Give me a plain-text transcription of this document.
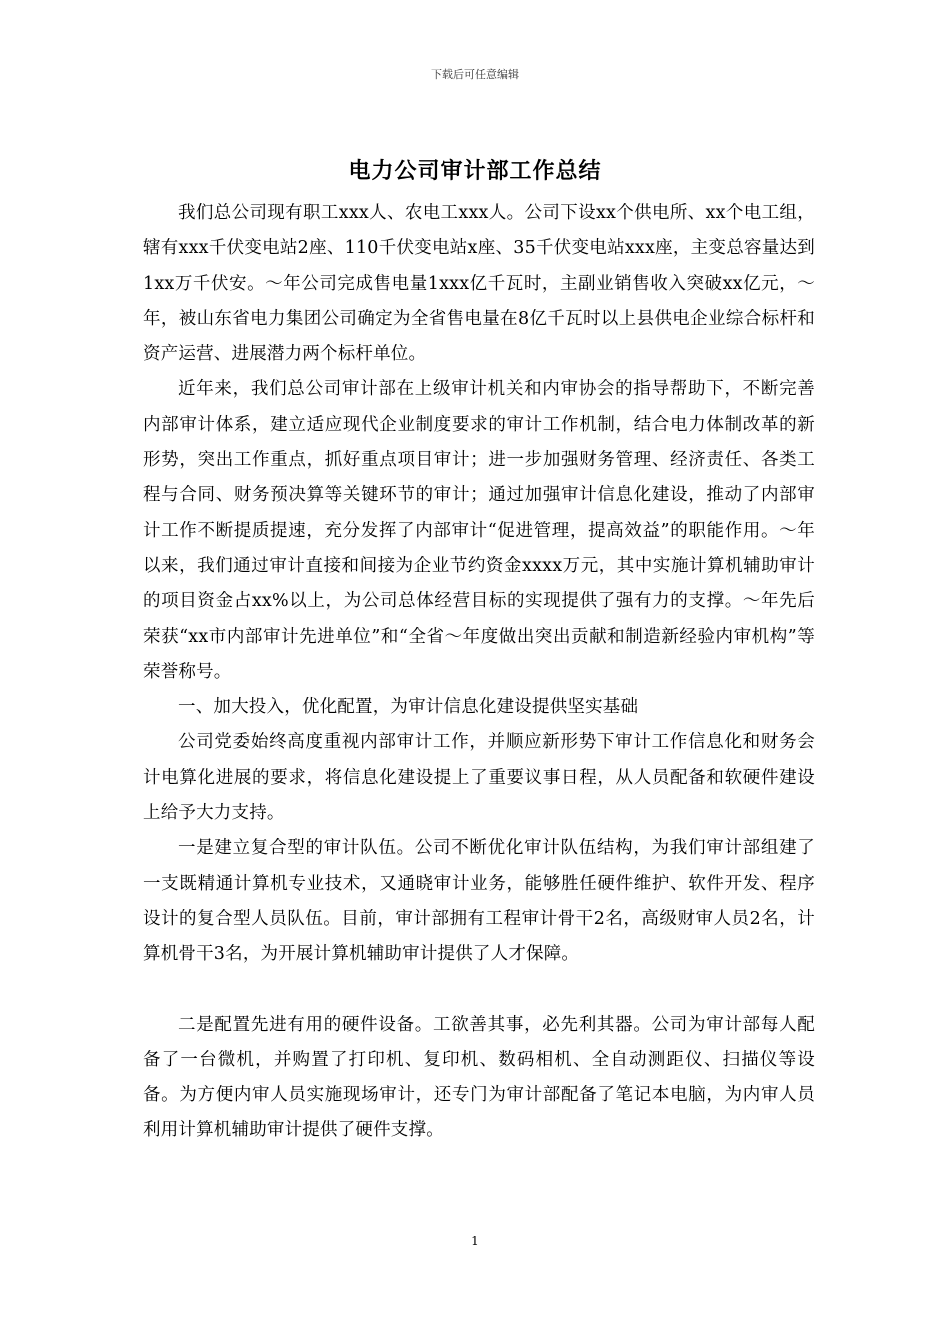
下载后可任意编辑
电力公司审计部工作总结

我们总公司现有职工xxx人、农电工xxx人。公司下设xx个供电所、xx个电工组，辖有xxx千伏变电站2座、110千伏变电站x座、35千伏变电站xxx座，主变总容量达到1xx万千伏安。～年公司完成售电量1xxx亿千瓦时，主副业销售收入突破xx亿元，～年，被山东省电力集团公司确定为全省售电量在8亿千瓦时以上县供电企业综合标杆和资产运营、进展潜力两个标杆单位。

近年来，我们总公司审计部在上级审计机关和内审协会的指导帮助下，不断完善内部审计体系，建立适应现代企业制度要求的审计工作机制，结合电力体制改革的新形势，突出工作重点，抓好重点项目审计；进一步加强财务管理、经济责任、各类工程与合同、财务预决算等关键环节的审计；通过加强审计信息化建设，推动了内部审计工作不断提质提速，充分发挥了内部审计“促进管理，提高效益”的职能作用。～年以来，我们通过审计直接和间接为企业节约资金xxxx万元，其中实施计算机辅助审计的项目资金占xx%以上，为公司总体经营目标的实现提供了强有力的支撑。～年先后荣获“xx市内部审计先进单位”和“全省～年度做出突出贡献和制造新经验内审机构”等荣誉称号。

一、加大投入，优化配置，为审计信息化建设提供坚实基础

公司党委始终高度重视内部审计工作，并顺应新形势下审计工作信息化和财务会计电算化进展的要求，将信息化建设提上了重要议事日程，从人员配备和软硬件建设上给予大力支持。

一是建立复合型的审计队伍。公司不断优化审计队伍结构，为我们审计部组建了一支既精通计算机专业技术，又通晓审计业务，能够胜任硬件维护、软件开发、程序设计的复合型人员队伍。目前，审计部拥有工程审计骨干2名，高级财审人员2名，计算机骨干3名，为开展计算机辅助审计提供了人才保障。

二是配置先进有用的硬件设备。工欲善其事，必先利其器。公司为审计部每人配备了一台微机，并购置了打印机、复印机、数码相机、全自动测距仪、扫描仪等设备。为方便内审人员实施现场审计，还专门为审计部配备了笔记本电脑，为内审人员利用计算机辅助审计提供了硬件支撑。

1
